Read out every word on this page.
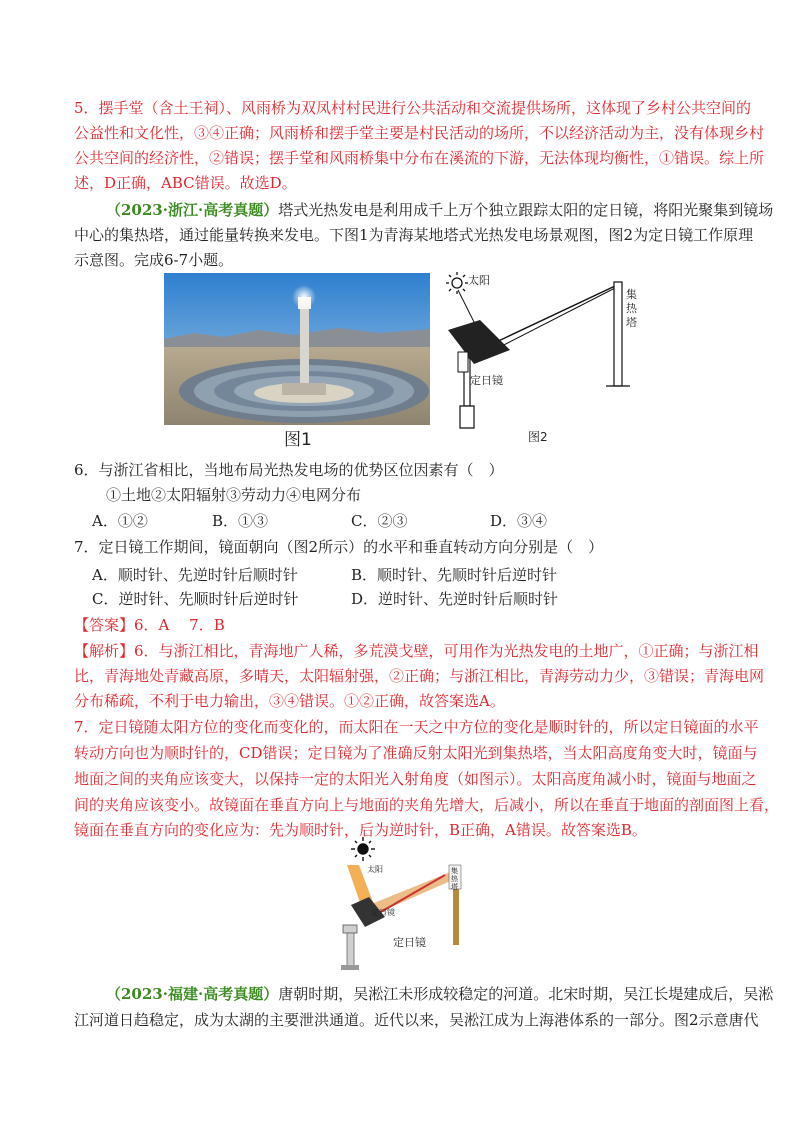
5．摆手堂（含土王祠）、风雨桥为双凤村村民进行公共活动和交流提供场所，这体现了乡村公共空间的
公益性和文化性，③④正确；风雨桥和摆手堂主要是村民活动的场所，不以经济活动为主，没有体现乡村
公共空间的经济性，②错误；摆手堂和风雨桥集中分布在溪流的下游，无法体现均衡性，①错误。综上所
述，D正确，ABC错误。故选D。
（2023·浙江·高考真题）塔式光热发电是利用成千上万个独立跟踪太阳的定日镜，将阳光聚集到镜场
中心的集热塔，通过能量转换来发电。下图1为青海某地塔式光热发电场景观图，图2为定日镜工作原理
示意图。完成6-7小题。
图1
太阳
集
热
塔
定日镜
图2
6．与浙江省相比，当地布局光热发电场的优势区位因素有（　）
①土地②太阳辐射③劳动力④电网分布
A．①②	B．①③	C．②③	D．③④
7．定日镜工作期间，镜面朝向（图2所示）的水平和垂直转动方向分别是（　）
A．顺时针、先逆时针后顺时针	B．顺时针、先顺时针后逆时针
C．逆时针、先顺时针后逆时针	D．逆时针、先逆时针后顺时针
【答案】6．A　 7．B
【解析】6．与浙江相比，青海地广人稀，多荒漠戈壁，可用作为光热发电的土地广，①正确；与浙江相
比，青海地处青藏高原，多晴天，太阳辐射强，②正确；与浙江相比，青海劳动力少，③错误；青海电网
分布稀疏，不利于电力输出，③④错误。①②正确，故答案选A。
7．定日镜随太阳方位的变化而变化的，而太阳在一天之中方位的变化是顺时针的，所以定日镜面的水平
转动方向也为顺时针的，CD错误；定日镜为了准确反射太阳光到集热塔，当太阳高度角变大时，镜面与
地面之间的夹角应该变大，以保持一定的太阳光入射角度（如图示）。太阳高度角减小时，镜面与地面之
间的夹角应该变小。故镜面在垂直方向上与地面的夹角先增大，后减小，所以在垂直于地面的剖面图上看，
镜面在垂直方向的变化应为：先为顺时针，后为逆时针，B正确，A错误。故答案选B。
太阳
定日镜
定日镜
集
热
塔
（2023·福建·高考真题）唐朝时期，吴淞江未形成较稳定的河道。北宋时期，吴江长堤建成后，吴淞
江河道日趋稳定，成为太湖的主要泄洪通道。近代以来，吴淞江成为上海港体系的一部分。图2示意唐代
